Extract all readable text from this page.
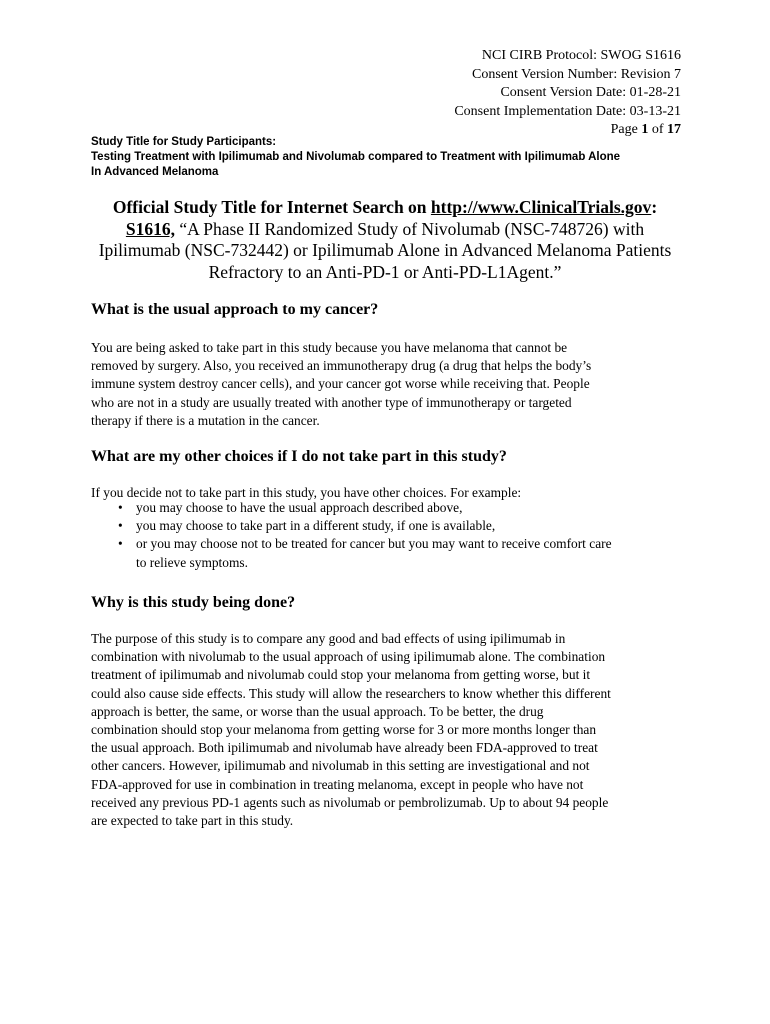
NCI CIRB Protocol: SWOG S1616
Consent Version Number: Revision 7
Consent Version Date: 01-28-21
Consent Implementation Date: 03-13-21
Page 1 of 17
Study Title for Study Participants:
Testing Treatment with Ipilimumab and Nivolumab compared to Treatment with Ipilimumab Alone
In Advanced Melanoma
Official Study Title for Internet Search on http://www.ClinicalTrials.gov:
S1616, “A Phase II Randomized Study of Nivolumab (NSC-748726) with
Ipilimumab (NSC-732442) or Ipilimumab Alone in Advanced Melanoma Patients
Refractory to an Anti-PD-1 or Anti-PD-L1Agent.”
What is the usual approach to my cancer?
You are being asked to take part in this study because you have melanoma that cannot be
removed by surgery. Also, you received an immunotherapy drug (a drug that helps the body’s
immune system destroy cancer cells), and your cancer got worse while receiving that. People
who are not in a study are usually treated with another type of immunotherapy or targeted
therapy if there is a mutation in the cancer.
What are my other choices if I do not take part in this study?
If you decide not to take part in this study, you have other choices. For example:
• you may choose to have the usual approach described above,
• you may choose to take part in a different study, if one is available,
• or you may choose not to be treated for cancer but you may want to receive comfort care
to relieve symptoms.
Why is this study being done?
The purpose of this study is to compare any good and bad effects of using ipilimumab in
combination with nivolumab to the usual approach of using ipilimumab alone. The combination
treatment of ipilimumab and nivolumab could stop your melanoma from getting worse, but it
could also cause side effects. This study will allow the researchers to know whether this different
approach is better, the same, or worse than the usual approach. To be better, the drug
combination should stop your melanoma from getting worse for 3 or more months longer than
the usual approach. Both ipilimumab and nivolumab have already been FDA-approved to treat
other cancers. However, ipilimumab and nivolumab in this setting are investigational and not
FDA-approved for use in combination in treating melanoma, except in people who have not
received any previous PD-1 agents such as nivolumab or pembrolizumab. Up to about 94 people
are expected to take part in this study.
